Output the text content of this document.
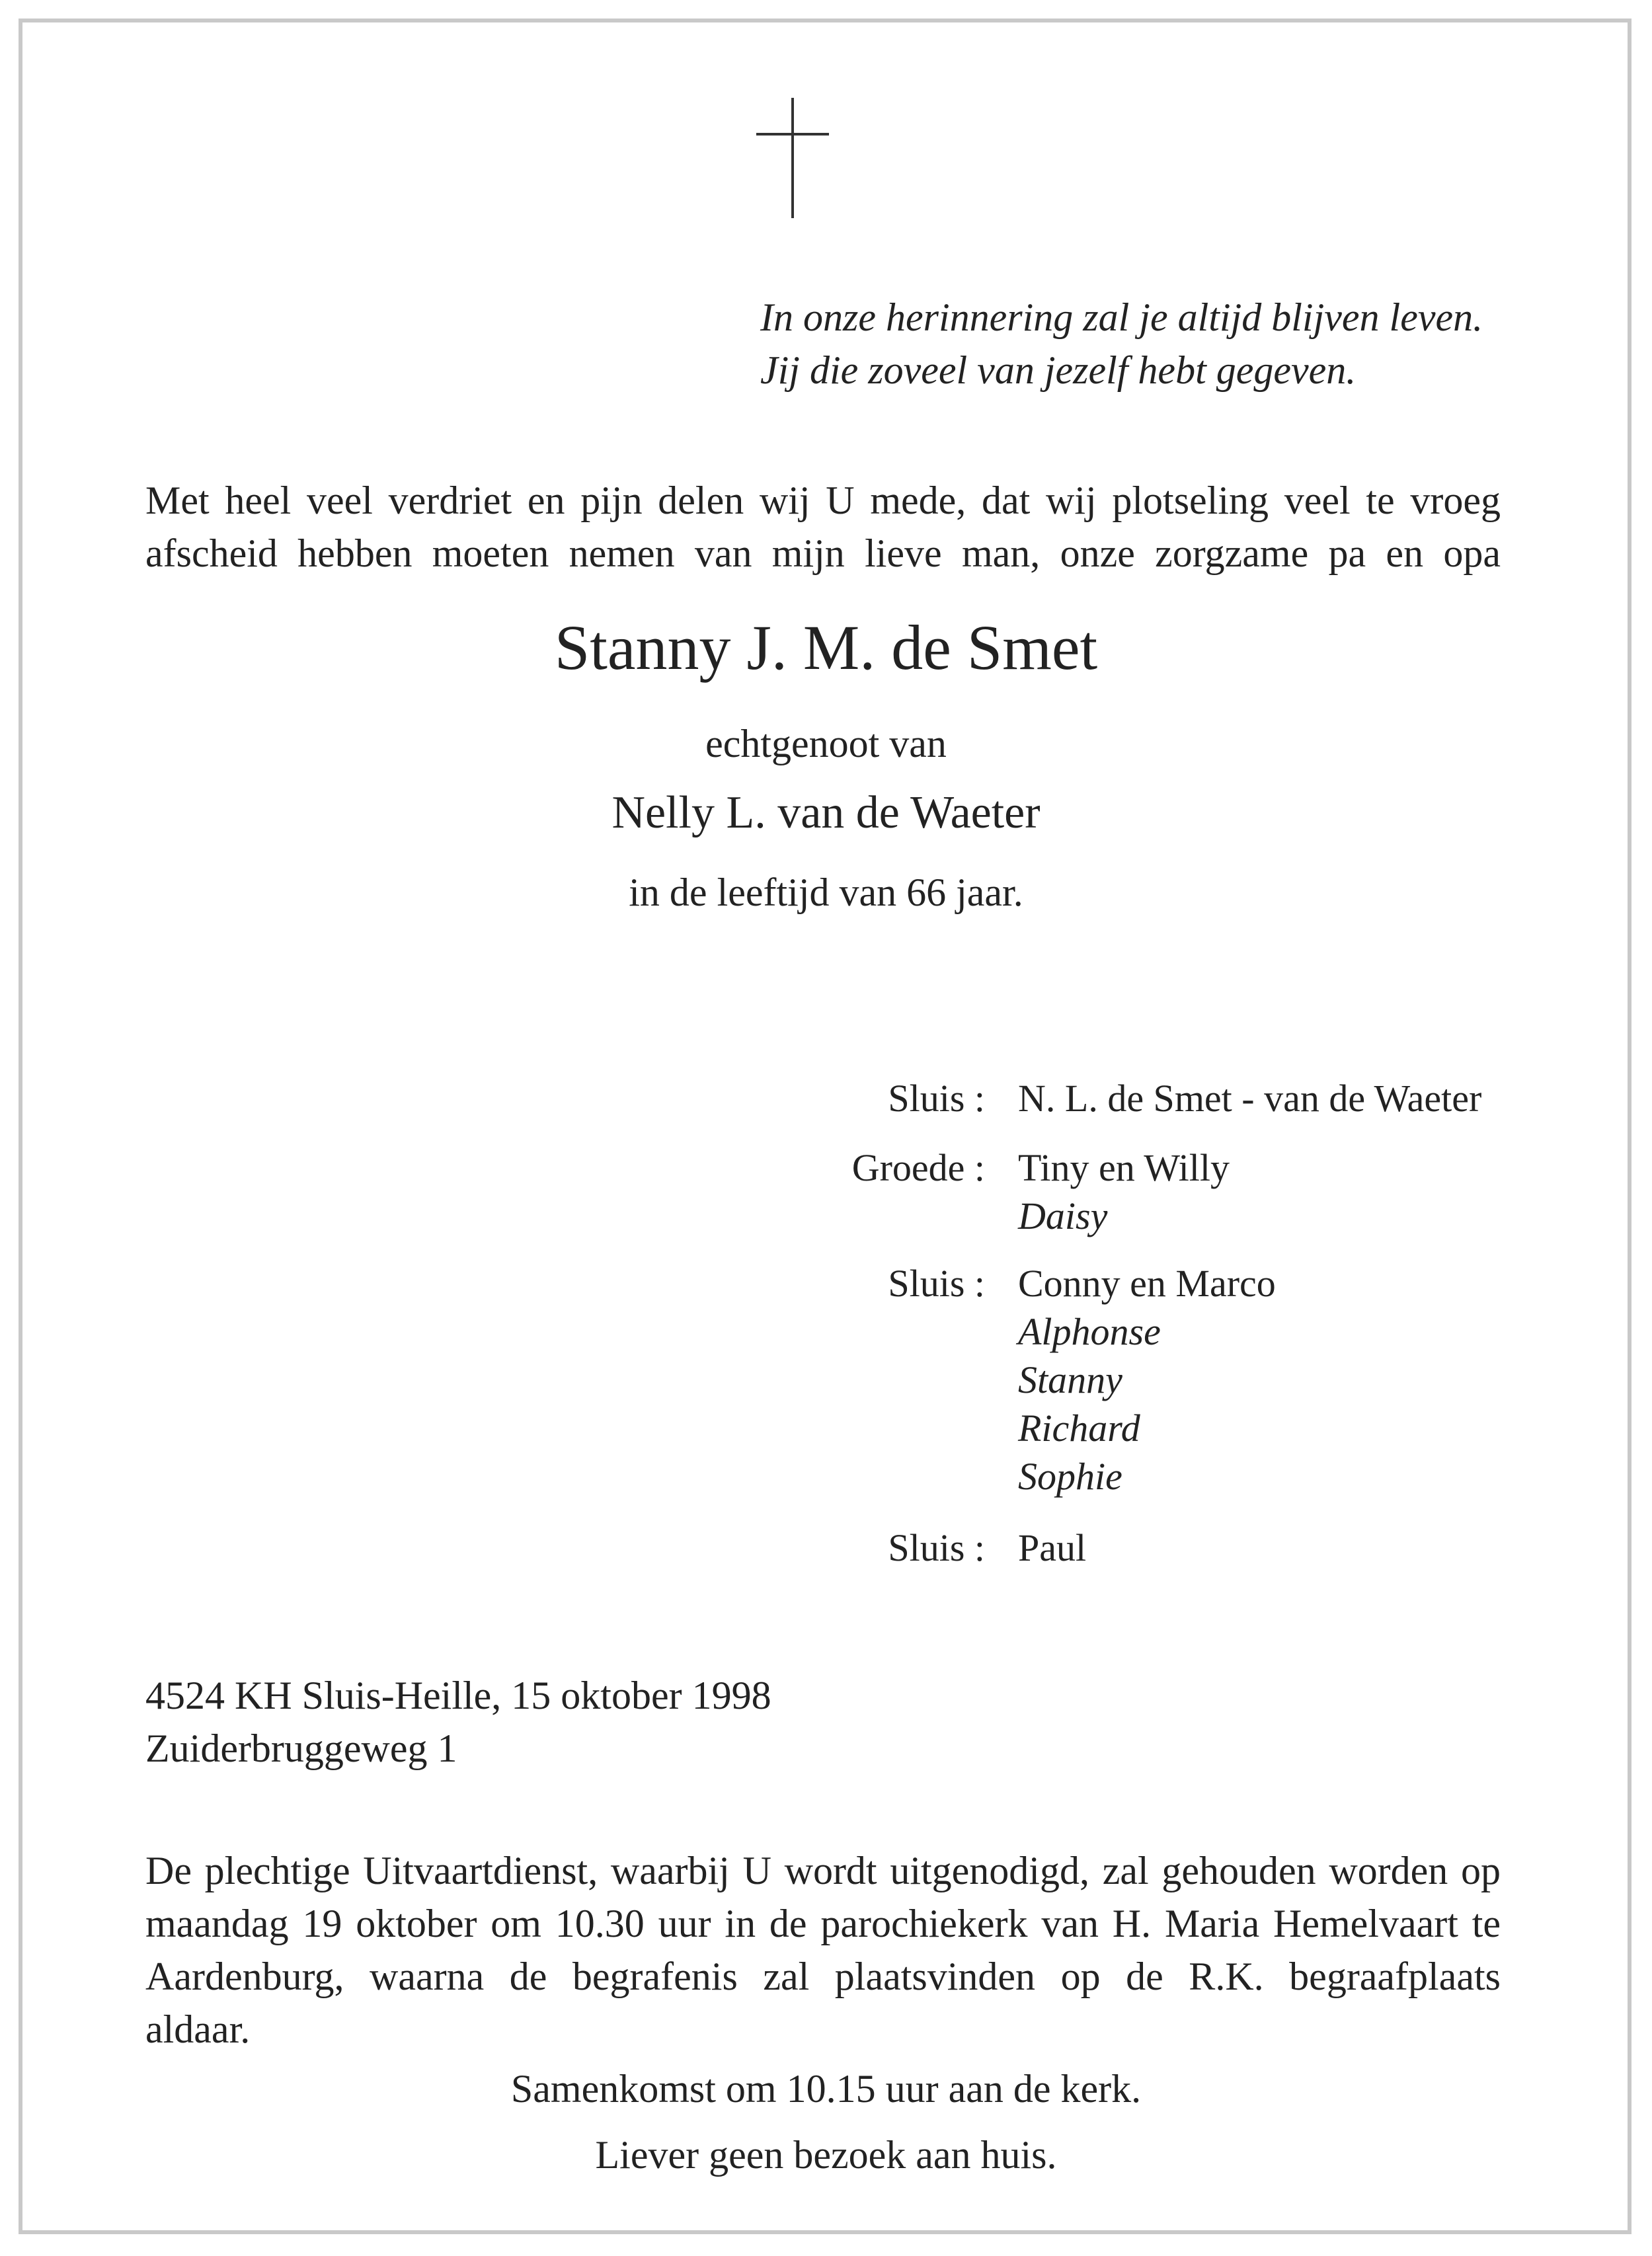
In onze herinnering zal je altijd blijven leven.

Jij die zoveel van jezelf hebt gegeven.

Met heel veel verdriet en pijn delen wij U mede, dat wij plotseling veel te vroeg

afscheid hebben moeten nemen van mijn lieve man, onze zorgzame pa en opa

Stanny J. M. de Smet

echtgenoot van

Nelly L. van de Waeter

in de leeftijd van 66 jaar.

Sluis : N. L. de Smet - van de Waeter
Groede : Tiny en Willy
Daisy
Sluis : Conny en Marco
Alphonse
Stanny
Richard
Sophie
Sluis : Paul

4524 KH Sluis-Heille, 15 oktober 1998

Zuiderbruggeweg 1

De plechtige Uitvaartdienst, waarbij U wordt uitgenodigd, zal gehouden worden op

maandag 19 oktober om 10.30 uur in de parochiekerk van H. Maria Hemelvaart te

Aardenburg, waarna de begrafenis zal plaatsvinden op de R.K. begraafplaats

aldaar.

Samenkomst om 10.15 uur aan de kerk.

Liever geen bezoek aan huis.
